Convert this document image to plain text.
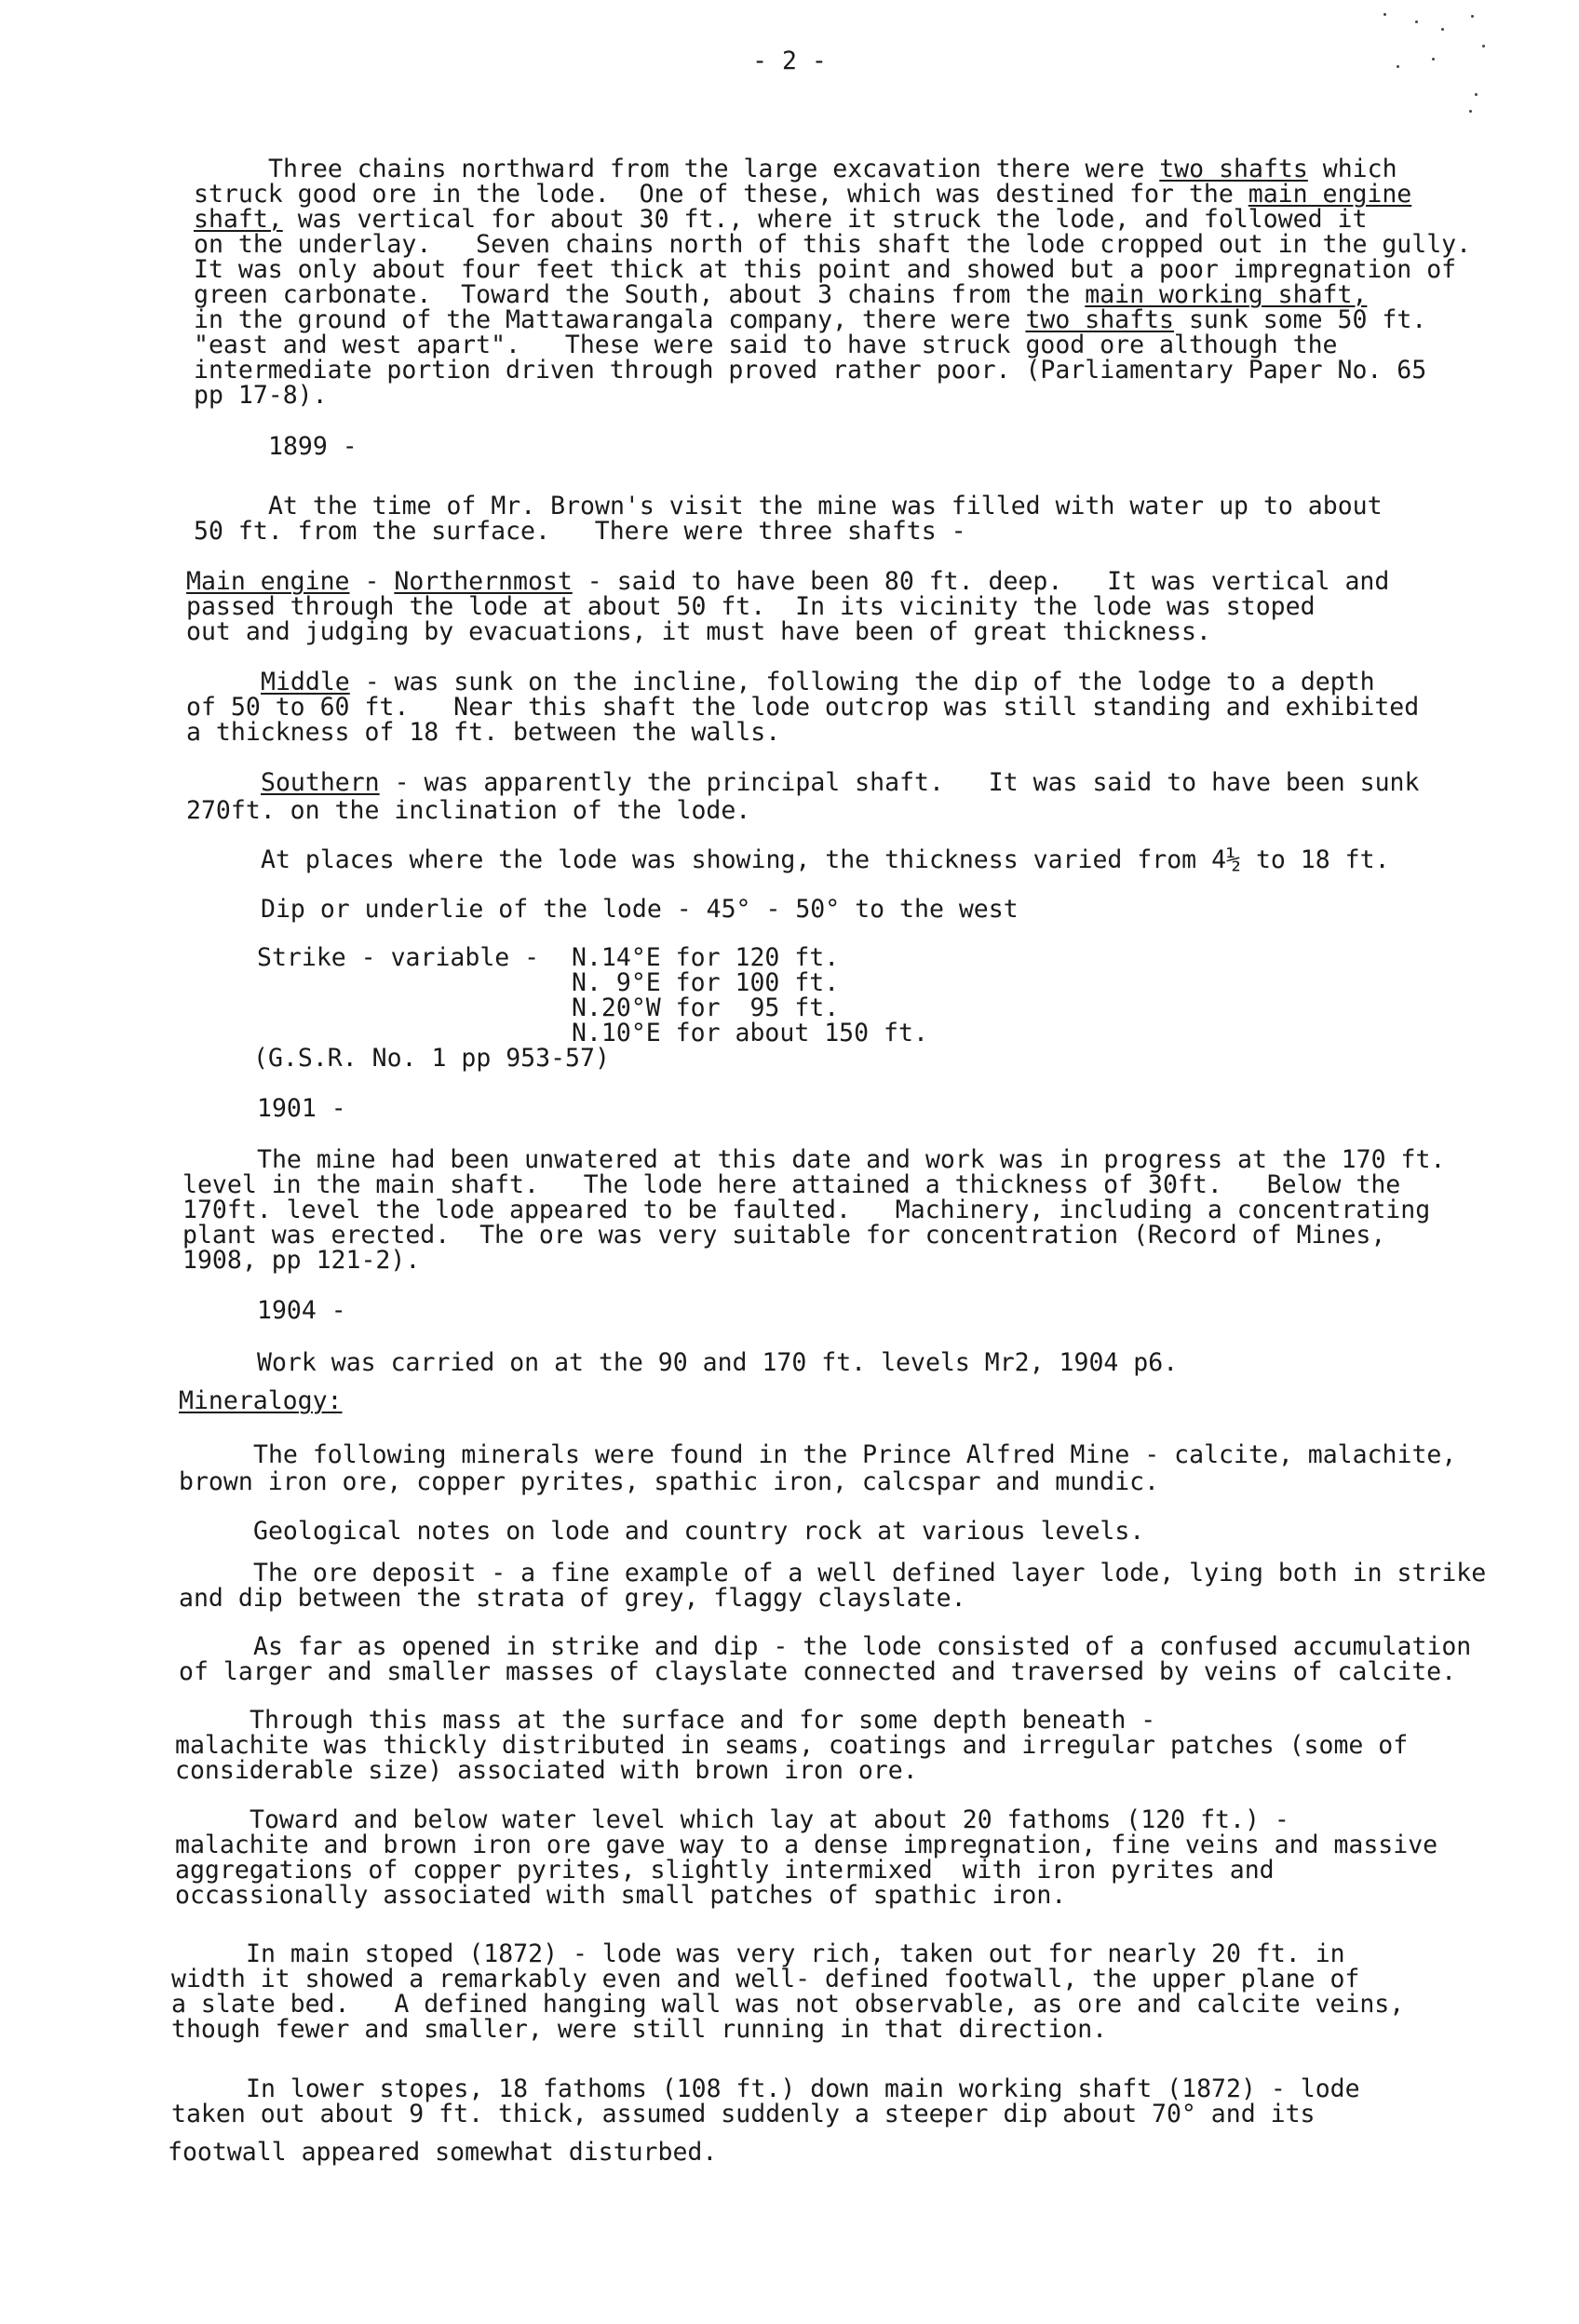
- 2 -
Three chains northward from the large excavation there were two shafts which
struck good ore in the lode.  One of these, which was destined for the main engine
shaft, was vertical for about 30 ft., where it struck the lode, and followed it
on the underlay.   Seven chains north of this shaft the lode cropped out in the gully.
It was only about four feet thick at this point and showed but a poor impregnation of
green carbonate.  Toward the South, about 3 chains from the main working shaft,
in the ground of the Mattawarangala company, there were two shafts sunk some 50 ft.
"east and west apart".   These were said to have struck good ore although the
intermediate portion driven through proved rather poor. (Parliamentary Paper No. 65
pp 17-8).
1899 -
At the time of Mr. Brown's visit the mine was filled with water up to about
50 ft. from the surface.   There were three shafts -
Main engine - Northernmost - said to have been 80 ft. deep.   It was vertical and
passed through the lode at about 50 ft.  In its vicinity the lode was stoped
out and judging by evacuations, it must have been of great thickness.
Middle - was sunk on the incline, following the dip of the lodge to a depth
of 50 to 60 ft.   Near this shaft the lode outcrop was still standing and exhibited
a thickness of 18 ft. between the walls.
Southern - was apparently the principal shaft.   It was said to have been sunk
270ft. on the inclination of the lode.
At places where the lode was showing, the thickness varied from 4½ to 18 ft.
Dip or underlie of the lode - 45° - 50° to the west
Strike - variable - N.14°E for 120 ft.
N. 9°E for 100 ft.
N.20°W for  95 ft.
N.10°E for about 150 ft.
(G.S.R. No. 1 pp 953-57)
1901 -
The mine had been unwatered at this date and work was in progress at the 170 ft.
level in the main shaft.   The lode here attained a thickness of 30ft.   Below the
170ft. level the lode appeared to be faulted.   Machinery, including a concentrating
plant was erected.  The ore was very suitable for concentration (Record of Mines,
1908, pp 121-2).
1904 -
Work was carried on at the 90 and 170 ft. levels Mr2, 1904 p6.
Mineralogy:
The following minerals were found in the Prince Alfred Mine - calcite, malachite,
brown iron ore, copper pyrites, spathic iron, calcspar and mundic.
Geological notes on lode and country rock at various levels.
The ore deposit - a fine example of a well defined layer lode, lying both in strike
and dip between the strata of grey, flaggy clayslate.
As far as opened in strike and dip - the lode consisted of a confused accumulation
of larger and smaller masses of clayslate connected and traversed by veins of calcite.
Through this mass at the surface and for some depth beneath -
malachite was thickly distributed in seams, coatings and irregular patches (some of
considerable size) associated with brown iron ore.
Toward and below water level which lay at about 20 fathoms (120 ft.) -
malachite and brown iron ore gave way to a dense impregnation, fine veins and massive
aggregations of copper pyrites, slightly intermixed  with iron pyrites and
occassionally associated with small patches of spathic iron.
In main stoped (1872) - lode was very rich, taken out for nearly 20 ft. in
width it showed a remarkably even and well- defined footwall, the upper plane of
a slate bed.   A defined hanging wall was not observable, as ore and calcite veins,
though fewer and smaller, were still running in that direction.
In lower stopes, 18 fathoms (108 ft.) down main working shaft (1872) - lode
taken out about 9 ft. thick, assumed suddenly a steeper dip about 70° and its
footwall appeared somewhat disturbed.
